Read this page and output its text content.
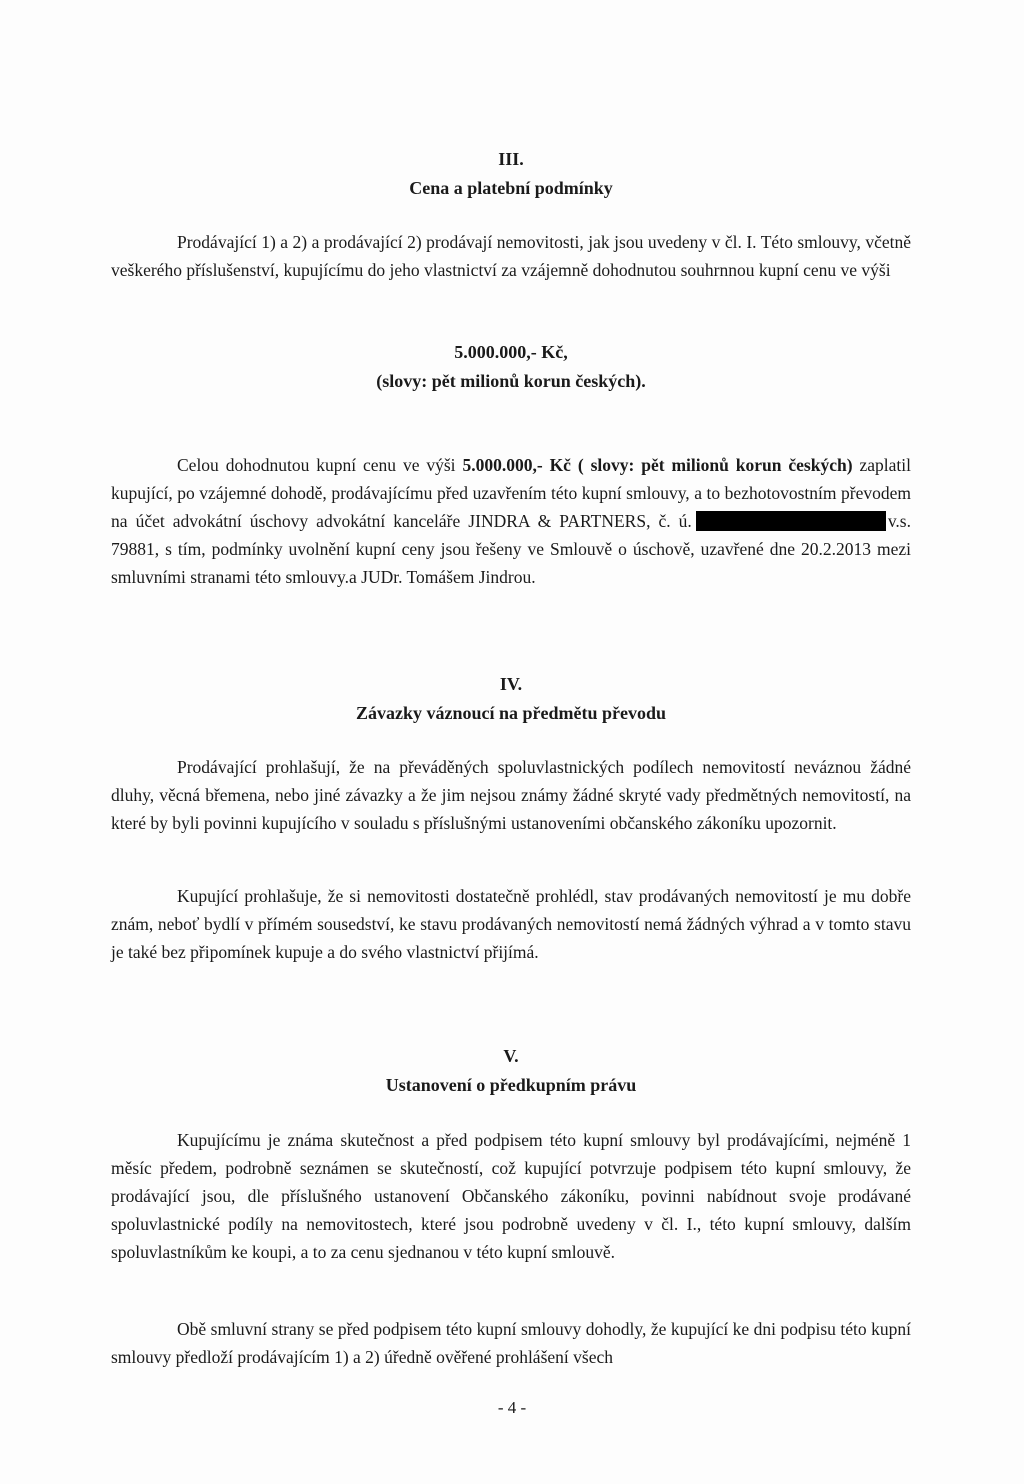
III.
Cena a platební podmínky

Prodávající 1) a 2) a prodávající 2) prodávají nemovitosti, jak jsou uvedeny v čl. I. Této smlouvy, včetně veškerého příslušenství, kupujícímu do jeho vlastnictví za vzájemně dohodnutou souhrnnou kupní cenu ve výši

5.000.000,- Kč,
(slovy: pět milionů korun českých).

Celou dohodnutou kupní cenu ve výši 5.000.000,- Kč ( slovy: pět milionů korun českých) zaplatil kupující, po vzájemné dohodě, prodávajícímu před uzavřením této kupní smlouvy, a to bezhotovostním převodem na účet advokátní úschovy advokátní kanceláře JINDRA & PARTNERS, č. ú.	v.s. 79881, s tím, podmínky uvolnění kupní ceny jsou řešeny ve Smlouvě o úschově, uzavřené dne 20.2.2013 mezi smluvními stranami této smlouvy.a JUDr. Tomášem Jindrou.

IV.
Závazky váznoucí na předmětu převodu

Prodávající prohlašují, že na převáděných spoluvlastnických podílech nemovitostí neváznou žádné dluhy, věcná břemena, nebo jiné závazky a že jim nejsou známy žádné skryté vady předmětných nemovitostí, na které by byli povinni kupujícího v souladu s příslušnými ustanoveními občanského zákoníku upozornit.

Kupující prohlašuje, že si nemovitosti dostatečně prohlédl, stav prodávaných nemovitostí je mu dobře znám, neboť bydlí v přímém sousedství, ke stavu prodávaných nemovitostí nemá žádných výhrad a v tomto stavu je také bez připomínek kupuje a do svého vlastnictví přijímá.

V.
Ustanovení o předkupním právu

Kupujícímu je známa skutečnost a před podpisem této kupní smlouvy byl prodávajícími, nejméně 1 měsíc předem, podrobně seznámen se skutečností, což kupující potvrzuje podpisem této kupní smlouvy, že prodávající jsou, dle příslušného ustanovení Občanského zákoníku, povinni nabídnout svoje prodávané spoluvlastnické podíly na nemovitostech, které jsou podrobně uvedeny v čl. I., této kupní smlouvy, dalším spoluvlastníkům ke koupi, a to za cenu sjednanou v této kupní smlouvě.

Obě smluvní strany se před podpisem této kupní smlouvy dohodly, že kupující ke dni podpisu této kupní smlouvy předloží prodávajícím 1) a 2) úředně ověřené prohlášení všech

- 4 -
